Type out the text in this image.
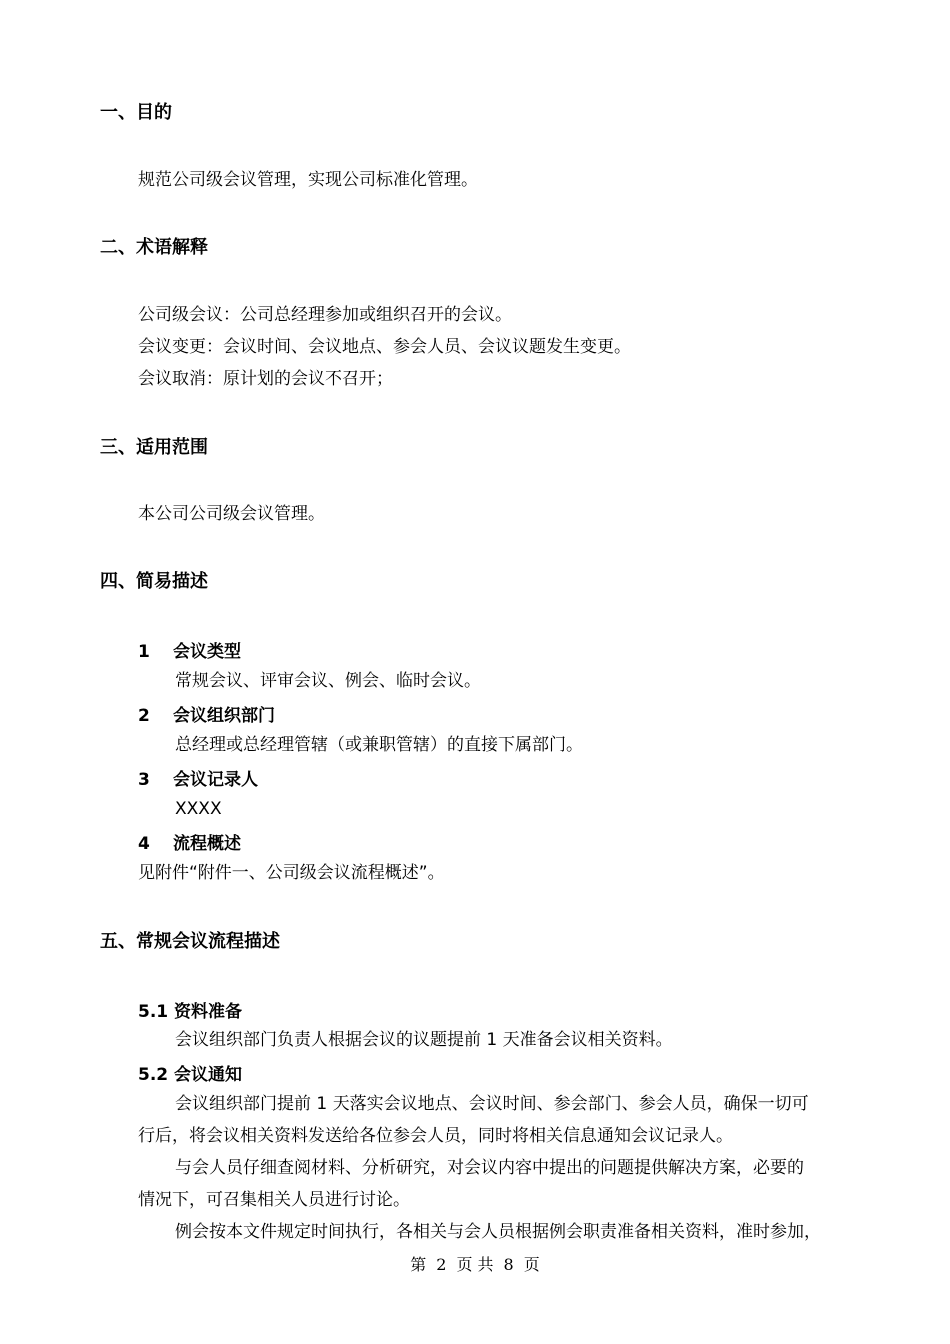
一、目的
规范公司级会议管理，实现公司标准化管理。
二、术语解释
公司级会议：公司总经理参加或组织召开的会议。
会议变更：会议时间、会议地点、参会人员、会议议题发生变更。
会议取消：原计划的会议不召开；
三、适用范围
本公司公司级会议管理。
四、简易描述
1 会议类型
常规会议、评审会议、例会、临时会议。
2 会议组织部门
总经理或总经理管辖（或兼职管辖）的直接下属部门。
3 会议记录人
XXXX
4 流程概述
见附件“附件一、公司级会议流程概述”。
五、常规会议流程描述
5.1 资料准备
会议组织部门负责人根据会议的议题提前 1 天准备会议相关资料。
5.2 会议通知
会议组织部门提前 1 天落实会议地点、会议时间、参会部门、参会人员，确保一切可
行后，将会议相关资料发送给各位参会人员，同时将相关信息通知会议记录人。
与会人员仔细查阅材料、分析研究，对会议内容中提出的问题提供解决方案，必要的
情况下，可召集相关人员进行讨论。
例会按本文件规定时间执行，各相关与会人员根据例会职责准备相关资料，准时参加，
第 2 页 共 8 页
